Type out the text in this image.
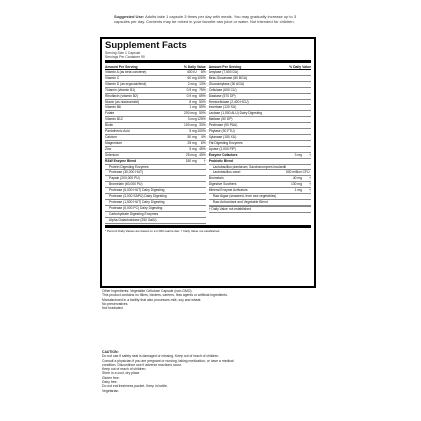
Suggested Use: Adults take 1 capsule 3 times per day with meals. You may gradually increase up to 3 capsules per day. Contents may be mixed in your favorite raw juice or water. Not intended for children.
Supplement Facts
Serving Size 1 Capsule
Servings Per Container 90
Amount Per Serving	% Daily Value
Vitamin A (as beta carotene)	400 IU	8%
Vitamin C	60 mg 100%
Vitamin D (as ergocalciferol)	2 mcg 13%
Thiamin (vitamin B1)	0.9 mg 75%
Riboflavin (vitamin B2)	0.9 mg 69%
Niacin (as niacinamide)	8 mg 50%
Vitamin B6	1 mg 59%
Folate	200 mcg 50%
Vitamin B12	3 mcg 125%
Biotin	100 mcg 33%
Pantothenic Acid	5 mg 100%
Calcium	50 mg	4%
Magnesium	25 mg	6%
Zinc	5 mg 45%
Selenium	25 mcg 45%
RAW Enzyme Blend	150 mg	†
Protein Digesting Enzymes
Protease (30,000 HUT)
Papain (200,000 PU)
Bromelain (60,000 PU)
Protease (6,000 HUT) Dairy Digesting
Protease (3,000 SAPU) Dairy Digesting
Protease (1,500 HUT) Dairy Digesting
Protease (6,000 PC) Dairy Digesting
Carbohydrate Digesting Enzymes
Alpha-Galactosidase (250 GalU)
Amount Per Serving	% Daily Value
Amylase (7,500 DU)
Beta-Glucanase (80 BGU)
Glucoamylase (30 AGU)
Cellulase (600 CU)
Diastase (570 DP)
Hemicellulase (2,400 HCU)
Invertase (120 SU)
Lactase (1,500 ALU) Dairy Digesting
Maltase (50 DP)
Pectinase (90 PAU)
Phytase (30 FTU)
Xylanase (150 XU)
Fat Digesting Enzymes
Lipase (1,000 FIP)
Enzyme Cofactors	3 mg	†
Probiotic Blend
Lactobacillus plantarum, Saccharomyces boulardii
Lactobacillus casei	500 million CFU
Bromelain	40 mg	†
Digestive Soothers	130 mg	†
Mineral Enzyme Activators	1 mg	†
Raw Algae (seaweed, from sea vegetables)
Raw Antioxidant and Vegetable Blend
† Daily Value not established
* Percent Daily Values are based on a 2,000 calorie diet. † Daily Value not established.
Other Ingredients: Vegetable Cellulose Capsule (non-GMO).
This product contains no fillers, binders, carriers, flow agents or artificial ingredients.
Manufactured in a facility that also processes milk, soy and wheat.
No preservatives.
Not Irradiated.
CAUTION:
Do not use if safety seal is damaged or missing. Keep out of reach of children.
Consult a physician if you are pregnant or nursing, taking medication, or have a medical
condition. Discontinue use if adverse reactions occur.
Keep out of reach of children.
Store in a cool, dry place.
Gluten free.
Dairy free.
Do not eat freshness packet. Keep in bottle.
Vegetarian.
